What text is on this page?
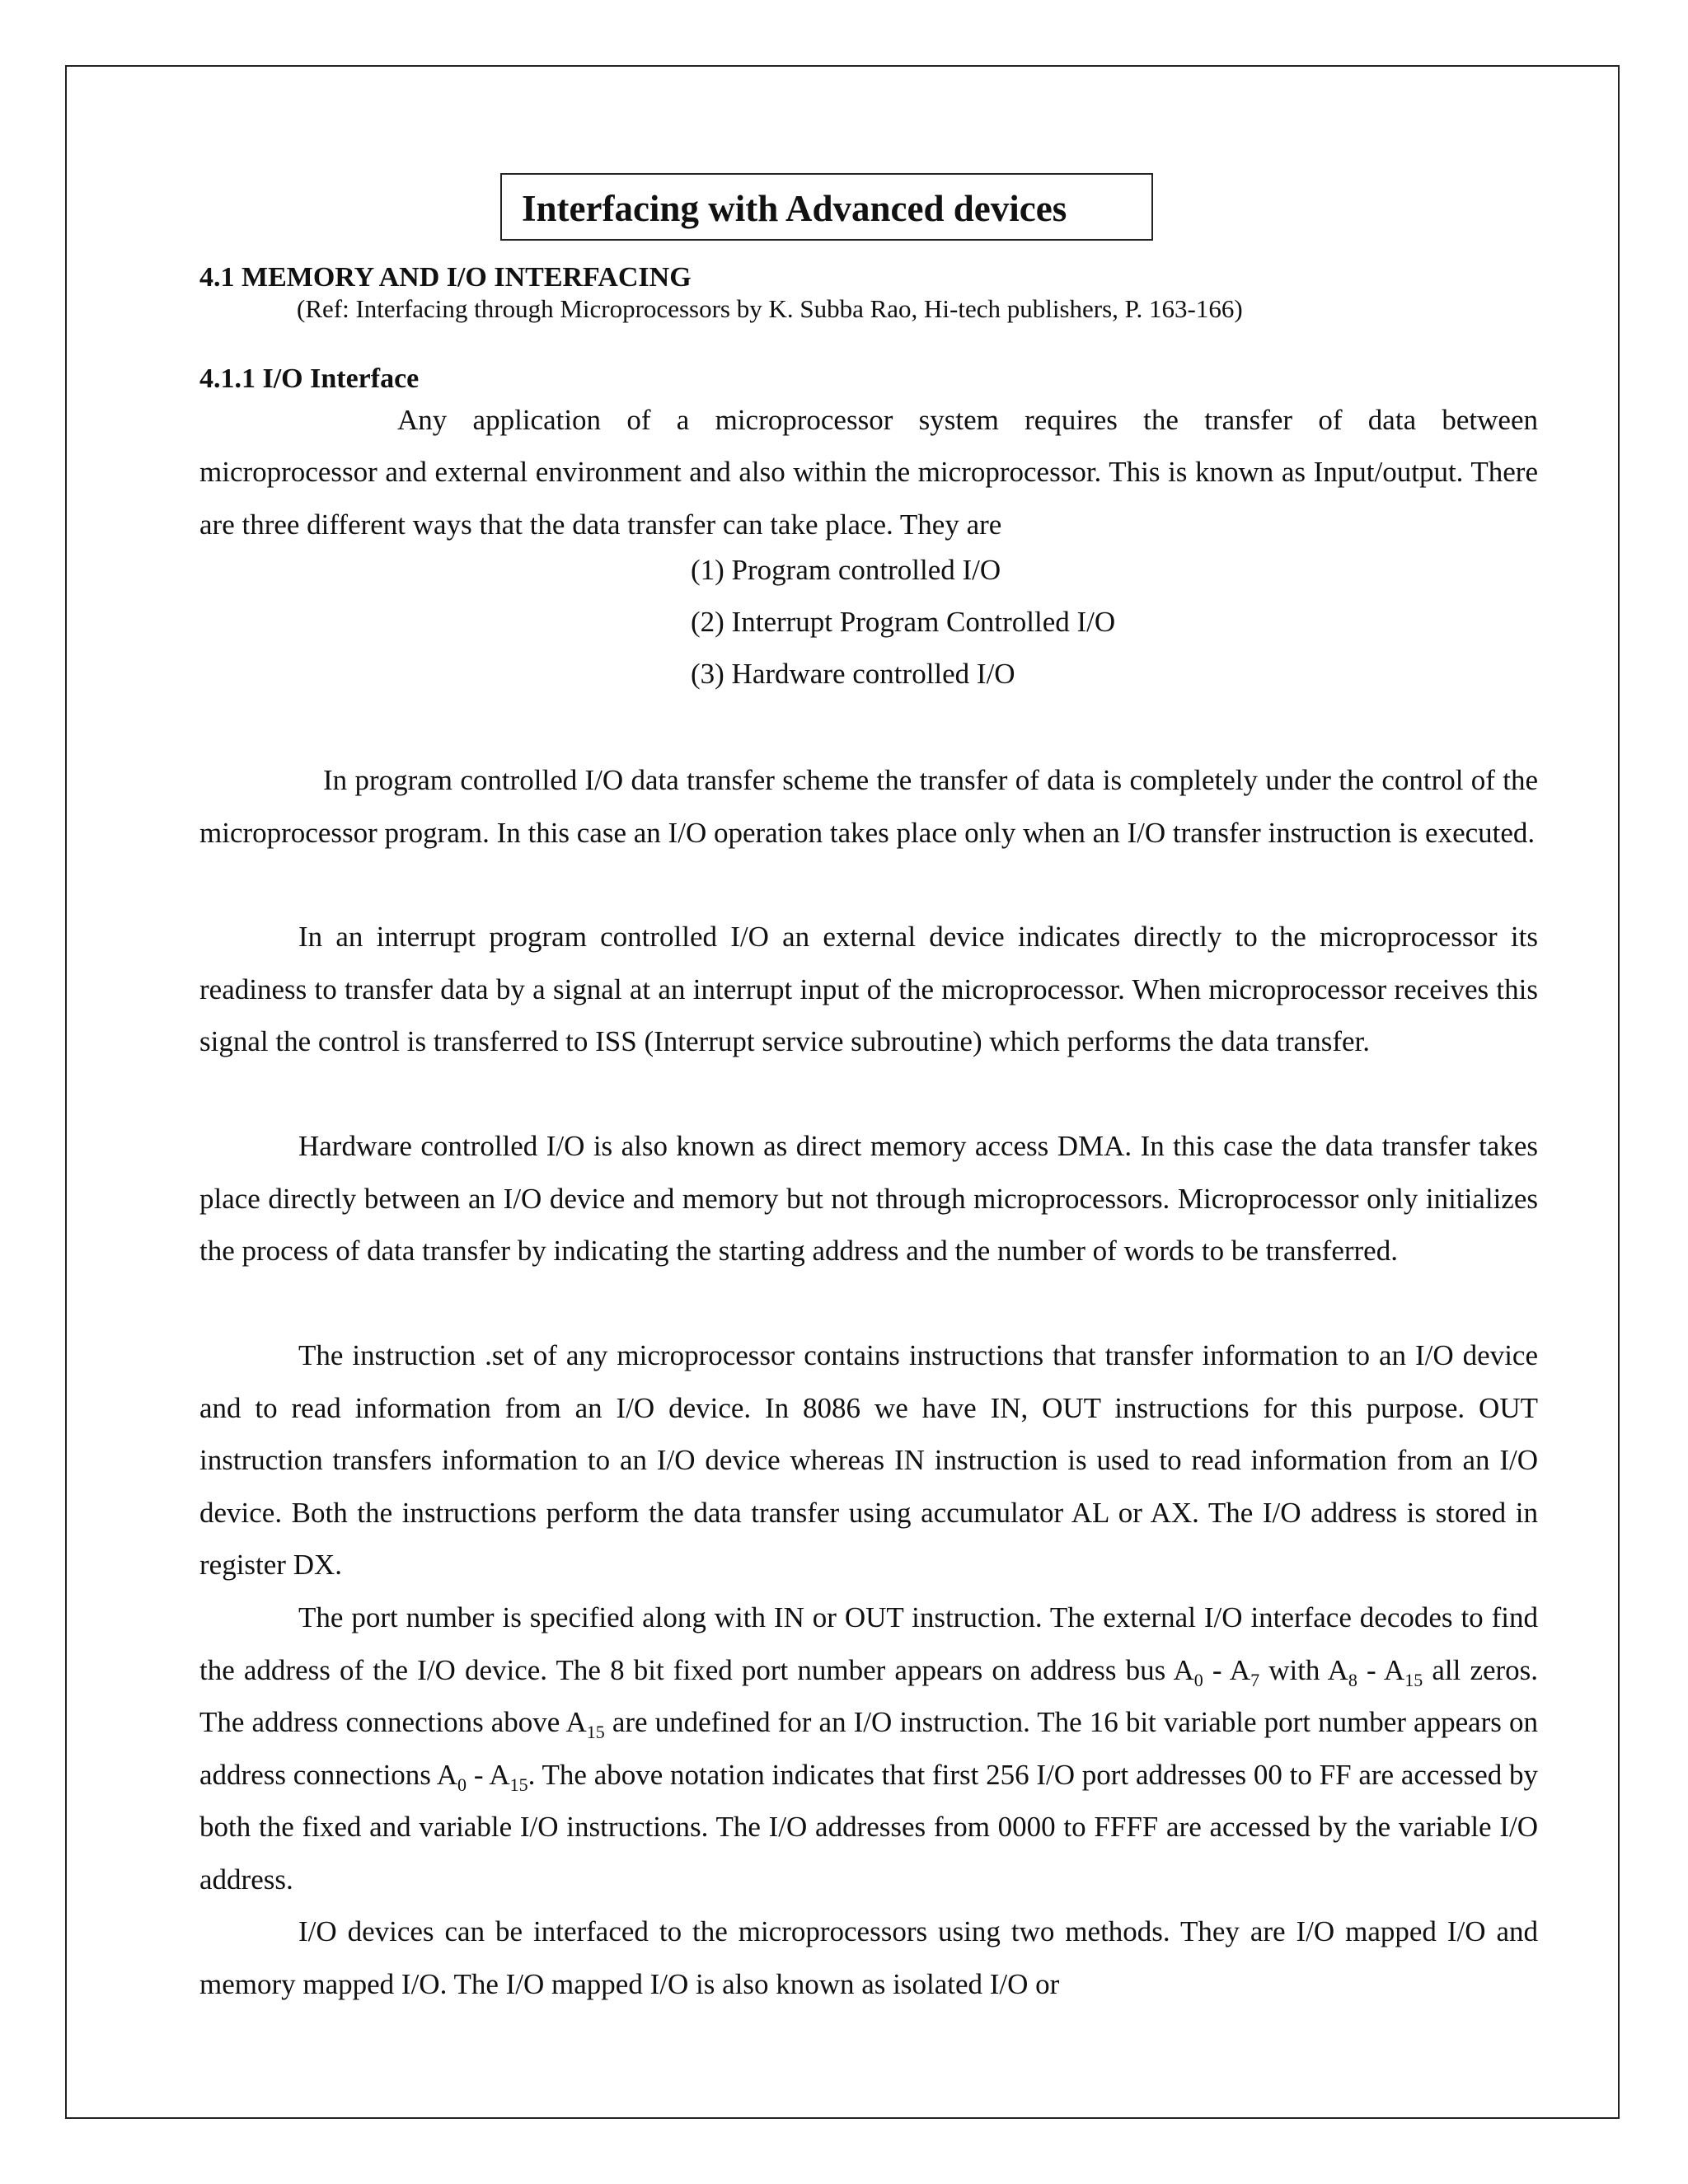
Interfacing with Advanced devices
4.1 MEMORY AND I/O INTERFACING
(Ref: Interfacing through Microprocessors by K. Subba Rao, Hi-tech publishers, P. 163-166)
4.1.1 I/O Interface
Any application of a microprocessor system requires the transfer of data between

microprocessor and external environment and also within the microprocessor. This is known as Input/output. There are three different ways that the data transfer can take place. They are

(1) Program controlled I/O
(2) Interrupt Program Controlled I/O
(3) Hardware controlled I/O

In program controlled I/O data transfer scheme the transfer of data is completely under the control of the microprocessor program. In this case an I/O operation takes place only when an I/O transfer instruction is executed.

In an interrupt program controlled I/O an external device indicates directly to the microprocessor its readiness to transfer data by a signal at an interrupt input of the microprocessor. When microprocessor receives this signal the control is transferred to ISS (Interrupt service subroutine) which performs the data transfer.

Hardware controlled I/O is also known as direct memory access DMA. In this case the data transfer takes place directly between an I/O device and memory but not through microprocessors. Microprocessor only initializes the process of data transfer by indicating the starting address and the number of words to be transferred.

The instruction .set of any microprocessor contains instructions that transfer information to an I/O device and to read information from an I/O device. In 8086 we have IN, OUT instructions for this purpose. OUT instruction transfers information to an I/O device whereas IN instruction is used to read information from an I/O device. Both the instructions perform the data transfer using accumulator AL or AX. The I/O address is stored in register DX.

The port number is specified along with IN or OUT instruction. The external I/O interface decodes to find the address of the I/O device. The 8 bit fixed port number appears on address bus $A_0 - A_7$ with $A_8 - A_{15}$ all zeros. The address connections above $A_{15}$ are undefined for an I/O instruction. The 16 bit variable port number appears on address connections $A_0 - A_{15}$. The above notation indicates that first 256 I/O port addresses 00 to FF are accessed by both the fixed and variable I/O instructions. The I/O addresses from 0000 to FFFF are accessed by the variable I/O address.

I/O devices can be interfaced to the microprocessors using two methods. They are I/O mapped I/O and memory mapped I/O. The I/O mapped I/O is also known as isolated I/O or
